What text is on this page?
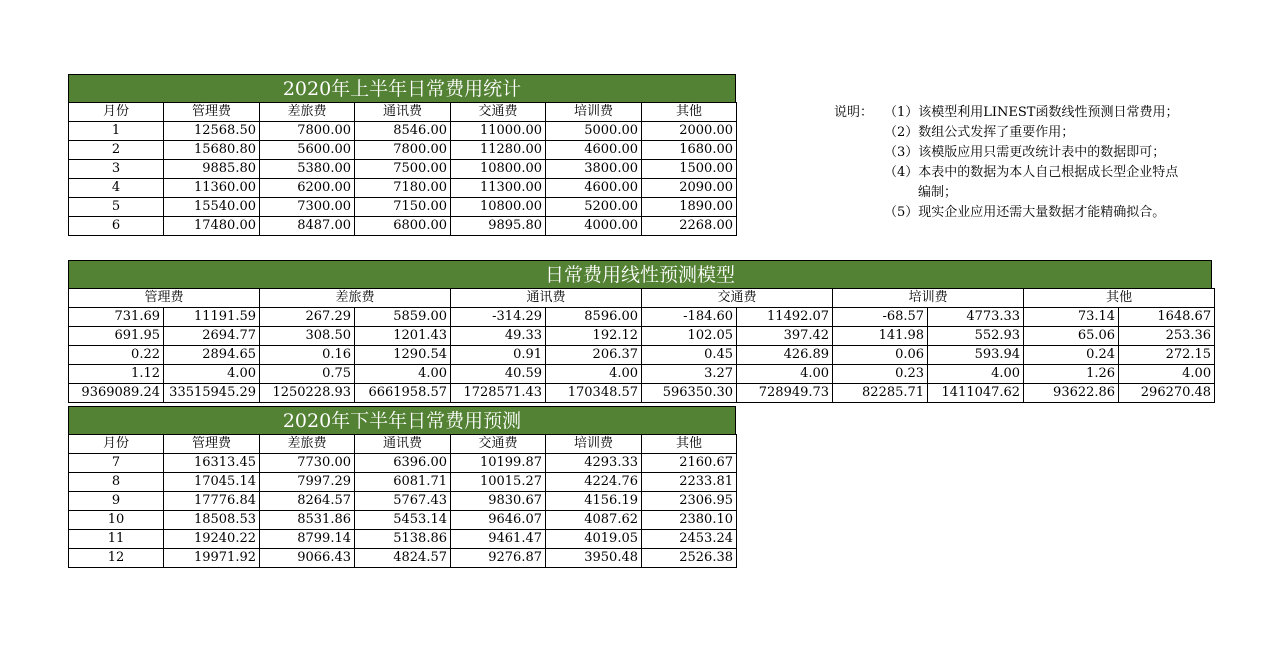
2020年上半年日常费用统计
月份	管理费	差旅费	通讯费	交通费	培训费	其他
1	12568.50	7800.00	8546.00	11000.00	5000.00	2000.00
2	15680.80	5600.00	7800.00	11280.00	4600.00	1680.00
3	9885.80	5380.00	7500.00	10800.00	3800.00	1500.00
4	11360.00	6200.00	7180.00	11300.00	4600.00	2090.00
5	15540.00	7300.00	7150.00	10800.00	5200.00	1890.00
6	17480.00	8487.00	6800.00	9895.80	4000.00	2268.00
日常费用线性预测模型
管理费		差旅费		通讯费		交通费		培训费		其他	
731.69	11191.59	267.29	5859.00	-314.29	8596.00	-184.60	11492.07	-68.57	4773.33	73.14	1648.67
691.95	2694.77	308.50	1201.43	49.33	192.12	102.05	397.42	141.98	552.93	65.06	253.36
0.22	2894.65	0.16	1290.54	0.91	206.37	0.45	426.89	0.06	593.94	0.24	272.15
1.12	4.00	0.75	4.00	40.59	4.00	3.27	4.00	0.23	4.00	1.26	4.00
9369089.24	33515945.29	1250228.93	6661958.57	1728571.43	170348.57	596350.30	728949.73	82285.71	1411047.62	93622.86	296270.48
2020年下半年日常费用预测
月份	管理费	差旅费	通讯费	交通费	培训费	其他
7	16313.45	7730.00	6396.00	10199.87	4293.33	2160.67
8	17045.14	7997.29	6081.71	10015.27	4224.76	2233.81
9	17776.84	8264.57	5767.43	9830.67	4156.19	2306.95
10	18508.53	8531.86	5453.14	9646.07	4087.62	2380.10
11	19240.22	8799.14	5138.86	9461.47	4019.05	2453.24
12	19971.92	9066.43	4824.57	9276.87	3950.48	2526.38
说明： （1）该模型利用LINEST函数线性预测日常费用；
（2）数组公式发挥了重要作用；
（3）该模版应用只需更改统计表中的数据即可；
（4）本表中的数据为本人自己根据成长型企业特点
编制；
（5）现实企业应用还需大量数据才能精确拟合。
